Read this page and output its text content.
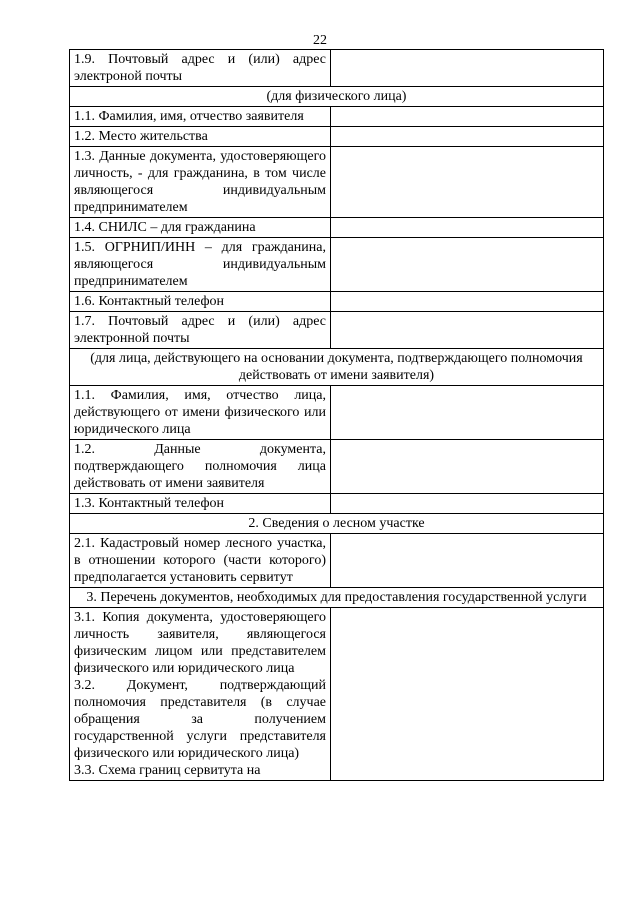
22
1.9. Почтовый адрес и (или) адрес электроной почты	
(для физического лица)	
1.1. Фамилия, имя, отчество заявителя	
1.2. Место жительства	
1.3. Данные документа, удостоверяющего личность, - для гражданина, в том числе являющегося индивидуальным предпринимателем	
1.4. СНИЛС – для гражданина	
1.5. ОГРНИП/ИНН – для гражданина, являющегося индивидуальным предпринимателем	
1.6. Контактный телефон	
1.7. Почтовый адрес и (или) адрес электронной почты	
(для лица, действующего на основании документа, подтверждающего полномочия действовать от имени заявителя)	
1.1. Фамилия, имя, отчество лица, действующего от имени физического или юридического лица	
1.2. Данные документа, подтверждающего полномочия лица действовать от имени заявителя	
1.3. Контактный телефон	
2. Сведения о лесном участке	
2.1. Кадастровый номер лесного участка, в отношении которого (части которого) предполагается установить сервитут	
3. Перечень документов, необходимых для предоставления государственной услуги	

3.1. Копия документа, удостоверяющего личность заявителя, являющегося физическим лицом или представителем физического или юридического лица
3.2. Документ, подтверждающий полномочия представителя (в случае обращения за получением государственной услуги представителя физического или юридического лица)
3.3. Схема границ сервитута на	
